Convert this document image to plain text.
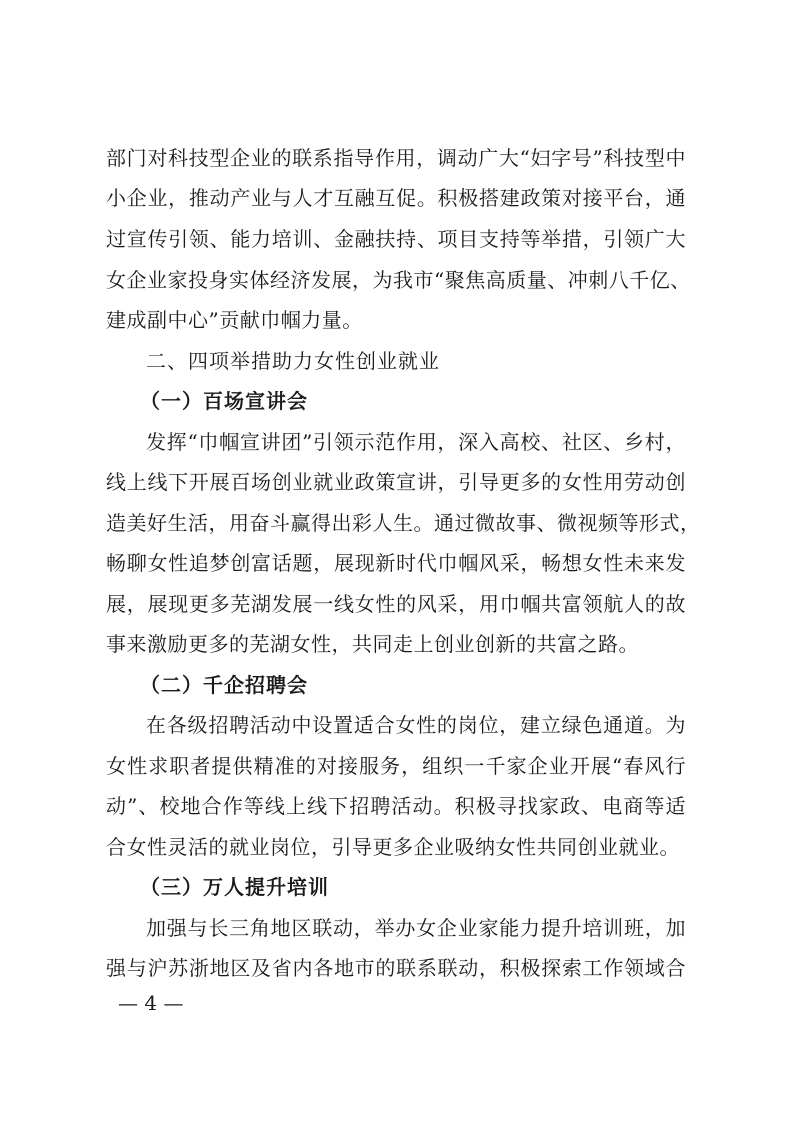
部门对科技型企业的联系指导作用，调动广大“妇字号”科技型中
小企业，推动产业与人才互融互促。积极搭建政策对接平台，通
过宣传引领、能力培训、金融扶持、项目支持等举措，引领广大
女企业家投身实体经济发展，为我市“聚焦高质量、冲刺八千亿、
建成副中心”贡献巾帼力量。
二、四项举措助力女性创业就业
（一）百场宣讲会
发挥“巾帼宣讲团”引领示范作用，深入高校、社区、乡村，
线上线下开展百场创业就业政策宣讲，引导更多的女性用劳动创
造美好生活，用奋斗赢得出彩人生。通过微故事、微视频等形式，
畅聊女性追梦创富话题，展现新时代巾帼风采，畅想女性未来发
展，展现更多芜湖发展一线女性的风采，用巾帼共富领航人的故
事来激励更多的芜湖女性，共同走上创业创新的共富之路。
（二）千企招聘会
在各级招聘活动中设置适合女性的岗位，建立绿色通道。为
女性求职者提供精准的对接服务，组织一千家企业开展“春风行
动”、校地合作等线上线下招聘活动。积极寻找家政、电商等适
合女性灵活的就业岗位，引导更多企业吸纳女性共同创业就业。
（三）万人提升培训
加强与长三角地区联动，举办女企业家能力提升培训班，加
强与沪苏浙地区及省内各地市的联系联动，积极探索工作领域合
— 4 —
